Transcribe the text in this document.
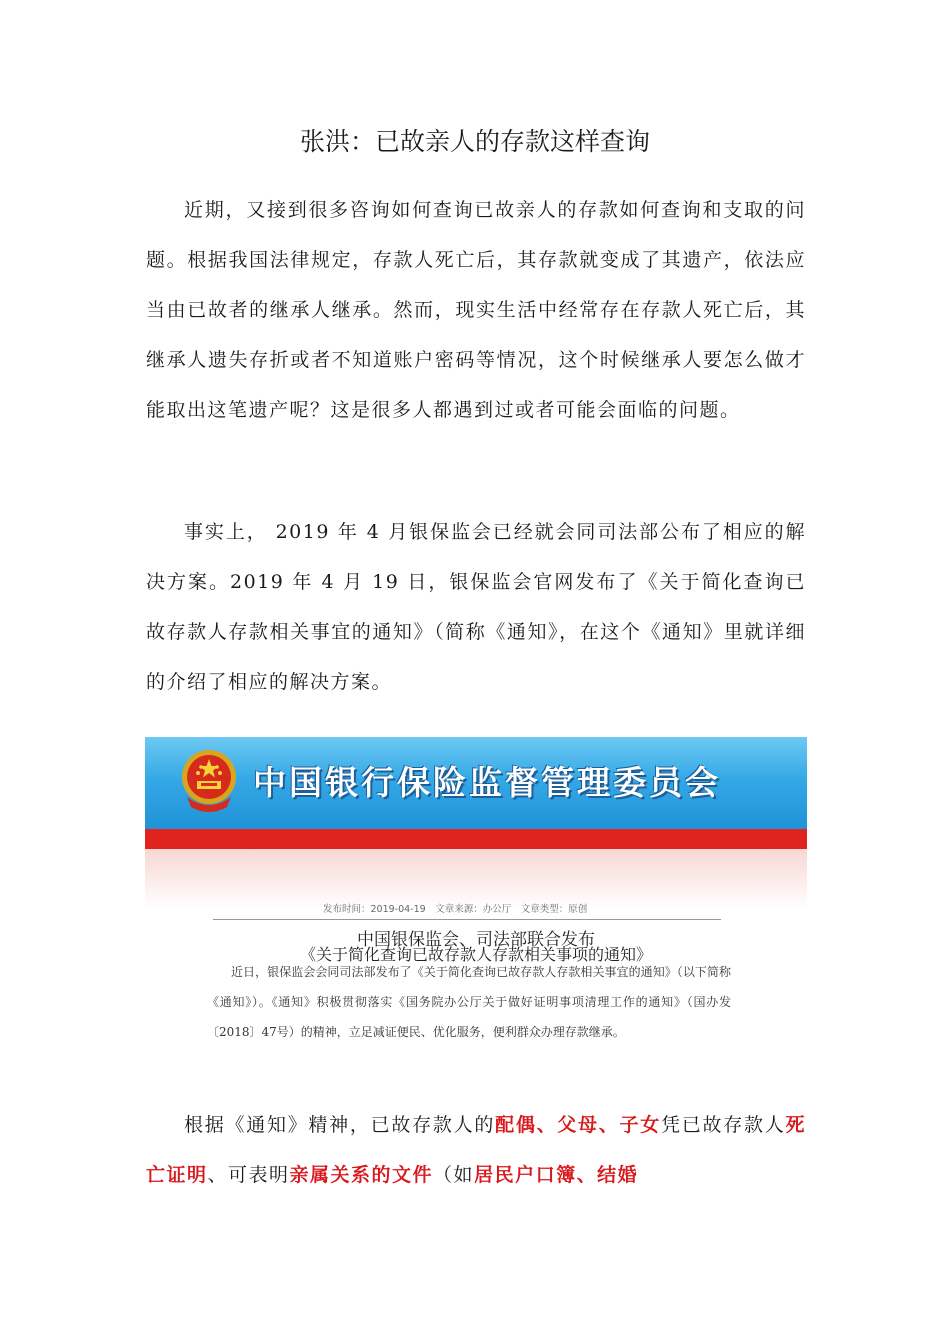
张洪：已故亲人的存款这样查询

近期，又接到很多咨询如何查询已故亲人的存款如何查询和支取的问题。根据我国法律规定，存款人死亡后，其存款就变成了其遗产，依法应当由已故者的继承人继承。然而，现实生活中经常存在存款人死亡后，其继承人遗失存折或者不知道账户密码等情况，这个时候继承人要怎么做才能取出这笔遗产呢？这是很多人都遇到过或者可能会面临的问题。

事实上， 2019 年 4 月银保监会已经就会同司法部公布了相应的解决方案。2019 年 4 月 19 日，银保监会官网发布了《关于简化查询已故存款人存款相关事宜的通知》（简称《通知》，在这个《通知》里就详细的介绍了相应的解决方案。

中国银行保险监督管理委员会
发布时间：2019-04-19　文章来源：办公厅　文章类型：原创
中国银保监会、司法部联合发布
《关于简化查询已故存款人存款相关事项的通知》

近日，银保监会会同司法部发布了《关于简化查询已故存款人存款相关事宜的通知》（以下简称《通知》）。《通知》积极贯彻落实《国务院办公厅关于做好证明事项清理工作的通知》（国办发〔2018〕47号）的精神，立足减证便民、优化服务，便利群众办理存款继承。

根据《通知》精神，已故存款人的配偶、父母、子女凭已故存款人死亡证明、可表明亲属关系的文件（如居民户口簿、结婚
